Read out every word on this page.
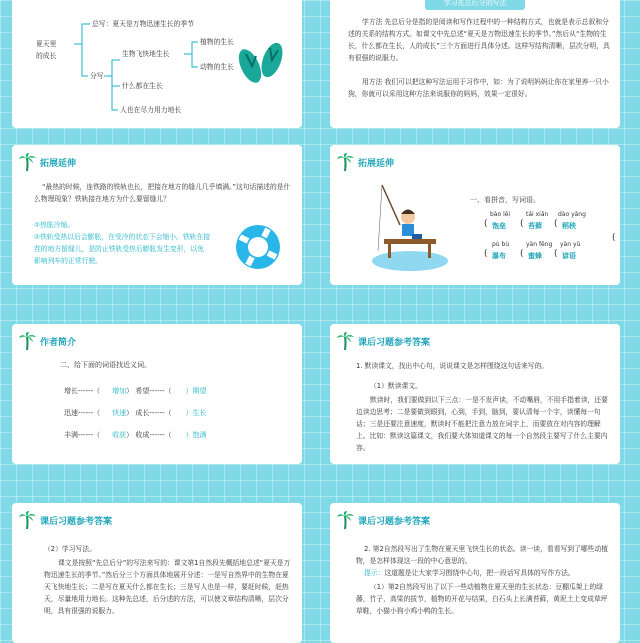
夏天里
的成长
总写：夏天是万物迅速生长的季节
分写
生物飞快地生长
什么都在生长
人也在尽力用力地长
植物的生长
动物的生长
学习先总后分的写法
学方法 先总后分是指的是阅读和写作过程中的一种结构方式，也就是表示总叙和分述的关系的结构方式。如课文中先总述“夏天是万物迅速生长的季节。”然后从“生物的生长，什么都在生长，人的成长”三个方面进行具体分述。这样写结构清晰，层次分明，具有很强的说服力。
用方法 我们可以把这种写法运用于习作中，如：为了说明妈妈让你在家里养一只小狗，你就可以采用这种方法来说服你的妈妈，效果一定很好。
拓展延伸
“最热的时候，连铁路的铁轨也长，把接在地方的缝儿几乎填满。”这句话描述的是什么物理现象？铁轨接在地方为什么要留缝儿？
①热胀冷缩。
②铁轨受热以后会膨胀，在受冷的状态下会缩小。铁轨在接茬的地方留缝儿，是防止铁轨受热后膨胀发生变形，以免影响列车的正常行驶。
拓展延伸
一、看拼音，写词语。
bào lěi	tái xiǎn dào yāng
( 饱垒 ( 苔藓 ( 稻秧
pù bù	yàn fēng yàn yǔ
( 瀑布 ( 蜜蜂 ( 谚语
(
作者简介
二、给下面的词语找近义词。
增长------（ 增加） 希望------（ ）期望
迅速------（ 快速） 成长------（ ）生长
丰满------（ 收获） 收成------（ ）饱满
课后习题参考答案
1. 默读课文，找出中心句，说说课文是怎样围绕这句话来写的。
（1）默读课文。
默读时，我们要做到以下三点：一是不发声读，不动嘴唇，不用手指着读，还要边读边思考；二是要做到眼到，心到，手到，脑到，要认清每一个字，读懂每一句话；三是还要注意速度，默读时不能把注意力放在词字上，而要放在对内容的理解上。比如：默读这篇课文，我们要大体知道课文的每一个自然段主要写了什么主要内容。
课后习题参考答案
（2）学习写法。
课文是按照“先总后分”的写法来写的：课文第1自然段先概括地总述“夏天是万物迅速生长的季节。”然后分三个方面具体地展开分述：一是写自然界中的生物在夏天飞快地生长；二是写在夏天什么都在生长；三是写人也是一样，要赶时候，赶热天，尽量地用力地长。这种先总述，后分述的方法，可以使文章结构清晰，层次分明，具有很强的说服力。
课后习题参考答案
2. 第2自然段写出了生物在夏天里飞快生长的状态。读一读，看看写到了哪些动植物，是怎样体现这一段的中心意思的。
提示：这道题是让大家学习围绕中心句，把一段话写具体的写作方法。
（1）第2自然段写出了以下一些动植物在夏天里的生长状态：豆棚瓜架上的绿藤，竹子，高梁的拔节，植物的开花与结果，白石头上长满苔藓，黄泥土上变成草坪草鞋，小猫小狗小鸡小鸭的生长。
